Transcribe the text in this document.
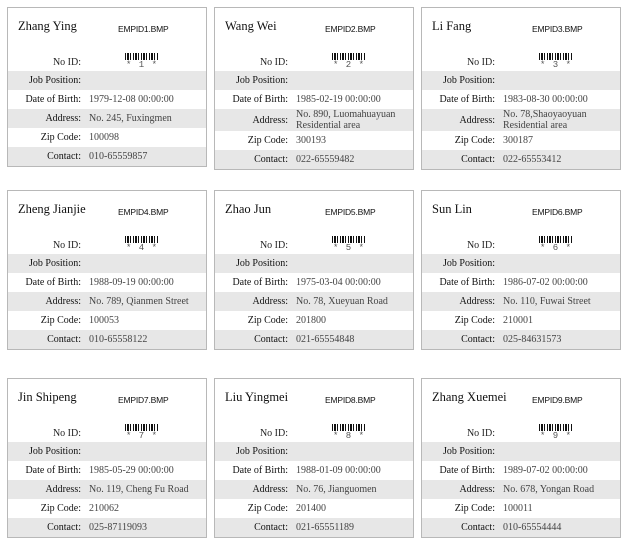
Zhang Ying	EMPID1.BMP
No ID:	* 1 *
Job Position:
Date of Birth: 1979-12-08 00:00:00
Address: No. 245, Fuxingmen
Zip Code: 100098
Contact: 010-65559857
Zheng Jianjie	EMPID4.BMP
No ID:	* 4 *
Job Position:
Date of Birth: 1988-09-19 00:00:00
Address: No. 789, Qianmen Street
Zip Code: 100053
Contact: 010-65558122
Jin Shipeng	EMPID7.BMP
No ID:	* 7 *
Job Position:
Date of Birth: 1985-05-29 00:00:00
Address: No. 119, Cheng Fu Road
Zip Code: 210062
Contact: 025-87119093
Wang Wei	EMPID2.BMP
No ID:	* 2 *
Job Position:
Date of Birth: 1985-02-19 00:00:00
Address: No. 890, Luomahuayuan Residential area
Zip Code: 300193
Contact: 022-65559482
Zhao Jun	EMPID5.BMP
No ID:	* 5 *
Job Position:
Date of Birth: 1975-03-04 00:00:00
Address: No. 78, Xueyuan Road
Zip Code: 201800
Contact: 021-65554848
Liu Yingmei	EMPID8.BMP
No ID:	* 8 *
Job Position:
Date of Birth: 1988-01-09 00:00:00
Address: No. 76, Jianguomen
Zip Code: 201400
Contact: 021-65551189
Li Fang	EMPID3.BMP
No ID:	* 3 *
Job Position:
Date of Birth: 1983-08-30 00:00:00
Address: No. 78,Shaoyaoyuan Residential area
Zip Code: 300187
Contact: 022-65553412
Sun Lin	EMPID6.BMP
No ID:	* 6 *
Job Position:
Date of Birth: 1986-07-02 00:00:00
Address: No. 110, Fuwai Street
Zip Code: 210001
Contact: 025-84631573
Zhang Xuemei	EMPID9.BMP
No ID:	* 9 *
Job Position:
Date of Birth: 1989-07-02 00:00:00
Address: No. 678, Yongan Road
Zip Code: 100011
Contact: 010-65554444
